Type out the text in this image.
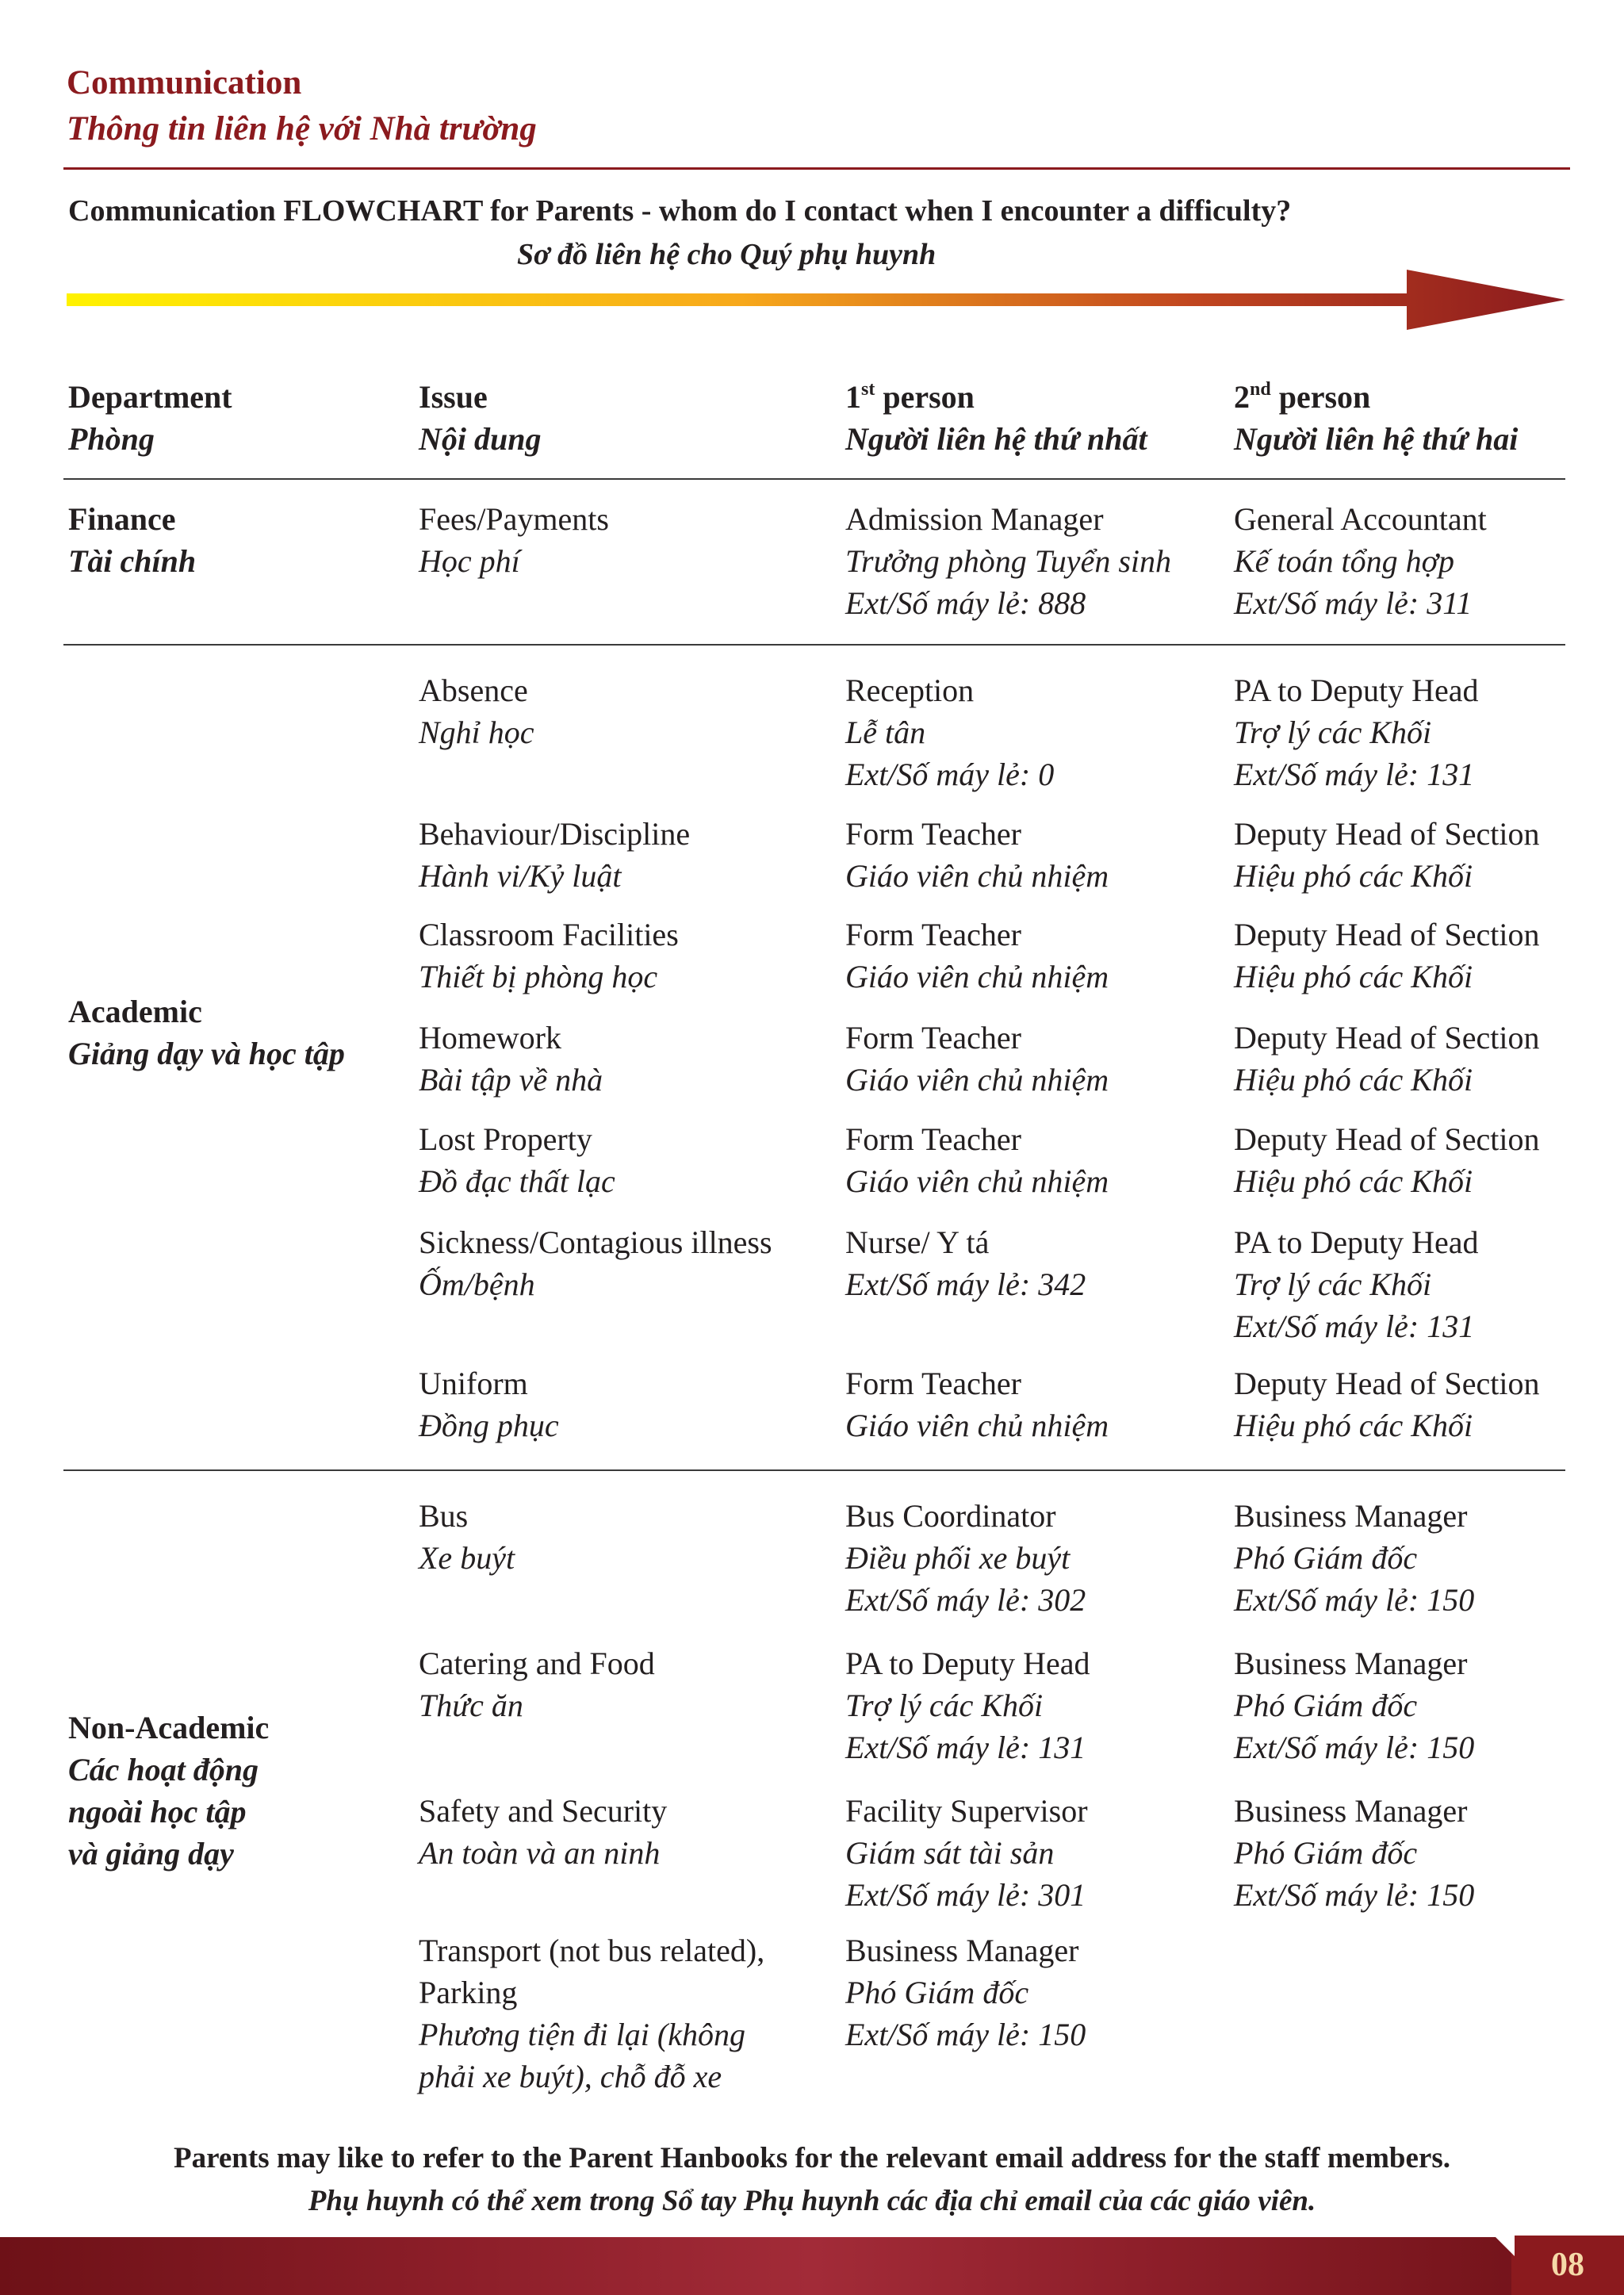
Communication
Thông tin liên hệ với Nhà trường
Communication FLOWCHART for Parents - whom do I contact when I encounter a difficulty?
Sơ đồ liên hệ cho Quý phụ huynh
Department
Phòng
Issue
Nội dung
1st person
Người liên hệ thứ nhất
2nd person
Người liên hệ thứ hai
Finance
Tài chính
Fees/Payments
Học phí
Admission Manager
Trưởng phòng Tuyển sinh
Ext/Số máy lẻ: 888
General Accountant
Kế toán tổng hợp
Ext/Số máy lẻ: 311
Academic
Giảng dạy và học tập
Absence
Nghỉ học
Reception
Lễ tân
Ext/Số máy lẻ: 0
PA to Deputy Head
Trợ lý các Khối
Ext/Số máy lẻ: 131
Behaviour/Discipline
Hành vi/Kỷ luật
Form Teacher
Giáo viên chủ nhiệm
Deputy Head of Section
Hiệu phó các Khối
Classroom Facilities
Thiết bị phòng học
Form Teacher
Giáo viên chủ nhiệm
Deputy Head of Section
Hiệu phó các Khối
Homework
Bài tập về nhà
Form Teacher
Giáo viên chủ nhiệm
Deputy Head of Section
Hiệu phó các Khối
Lost Property
Đồ đạc thất lạc
Form Teacher
Giáo viên chủ nhiệm
Deputy Head of Section
Hiệu phó các Khối
Sickness/Contagious illness
Ốm/bệnh
Nurse/ Y tá
Ext/Số máy lẻ: 342
PA to Deputy Head
Trợ lý các Khối
Ext/Số máy lẻ: 131
Uniform
Đồng phục
Form Teacher
Giáo viên chủ nhiệm
Deputy Head of Section
Hiệu phó các Khối
Non-Academic
Các hoạt động
ngoài học tập
và giảng dạy
Bus
Xe buýt
Bus Coordinator
Điều phối xe buýt
Ext/Số máy lẻ: 302
Business Manager
Phó Giám đốc
Ext/Số máy lẻ: 150
Catering and Food
Thức ăn
PA to Deputy Head
Trợ lý các Khối
Ext/Số máy lẻ: 131
Business Manager
Phó Giám đốc
Ext/Số máy lẻ: 150
Safety and Security
An toàn và an ninh
Facility Supervisor
Giám sát tài sản
Ext/Số máy lẻ: 301
Business Manager
Phó Giám đốc
Ext/Số máy lẻ: 150
Transport (not bus related),
Parking
Phương tiện đi lại (không
phải xe buýt), chỗ đỗ xe
Business Manager
Phó Giám đốc
Ext/Số máy lẻ: 150
Parents may like to refer to the Parent Hanbooks for the relevant email address for the staff members.
Phụ huynh có thể xem trong Sổ tay Phụ huynh các địa chỉ email của các giáo viên.
08
